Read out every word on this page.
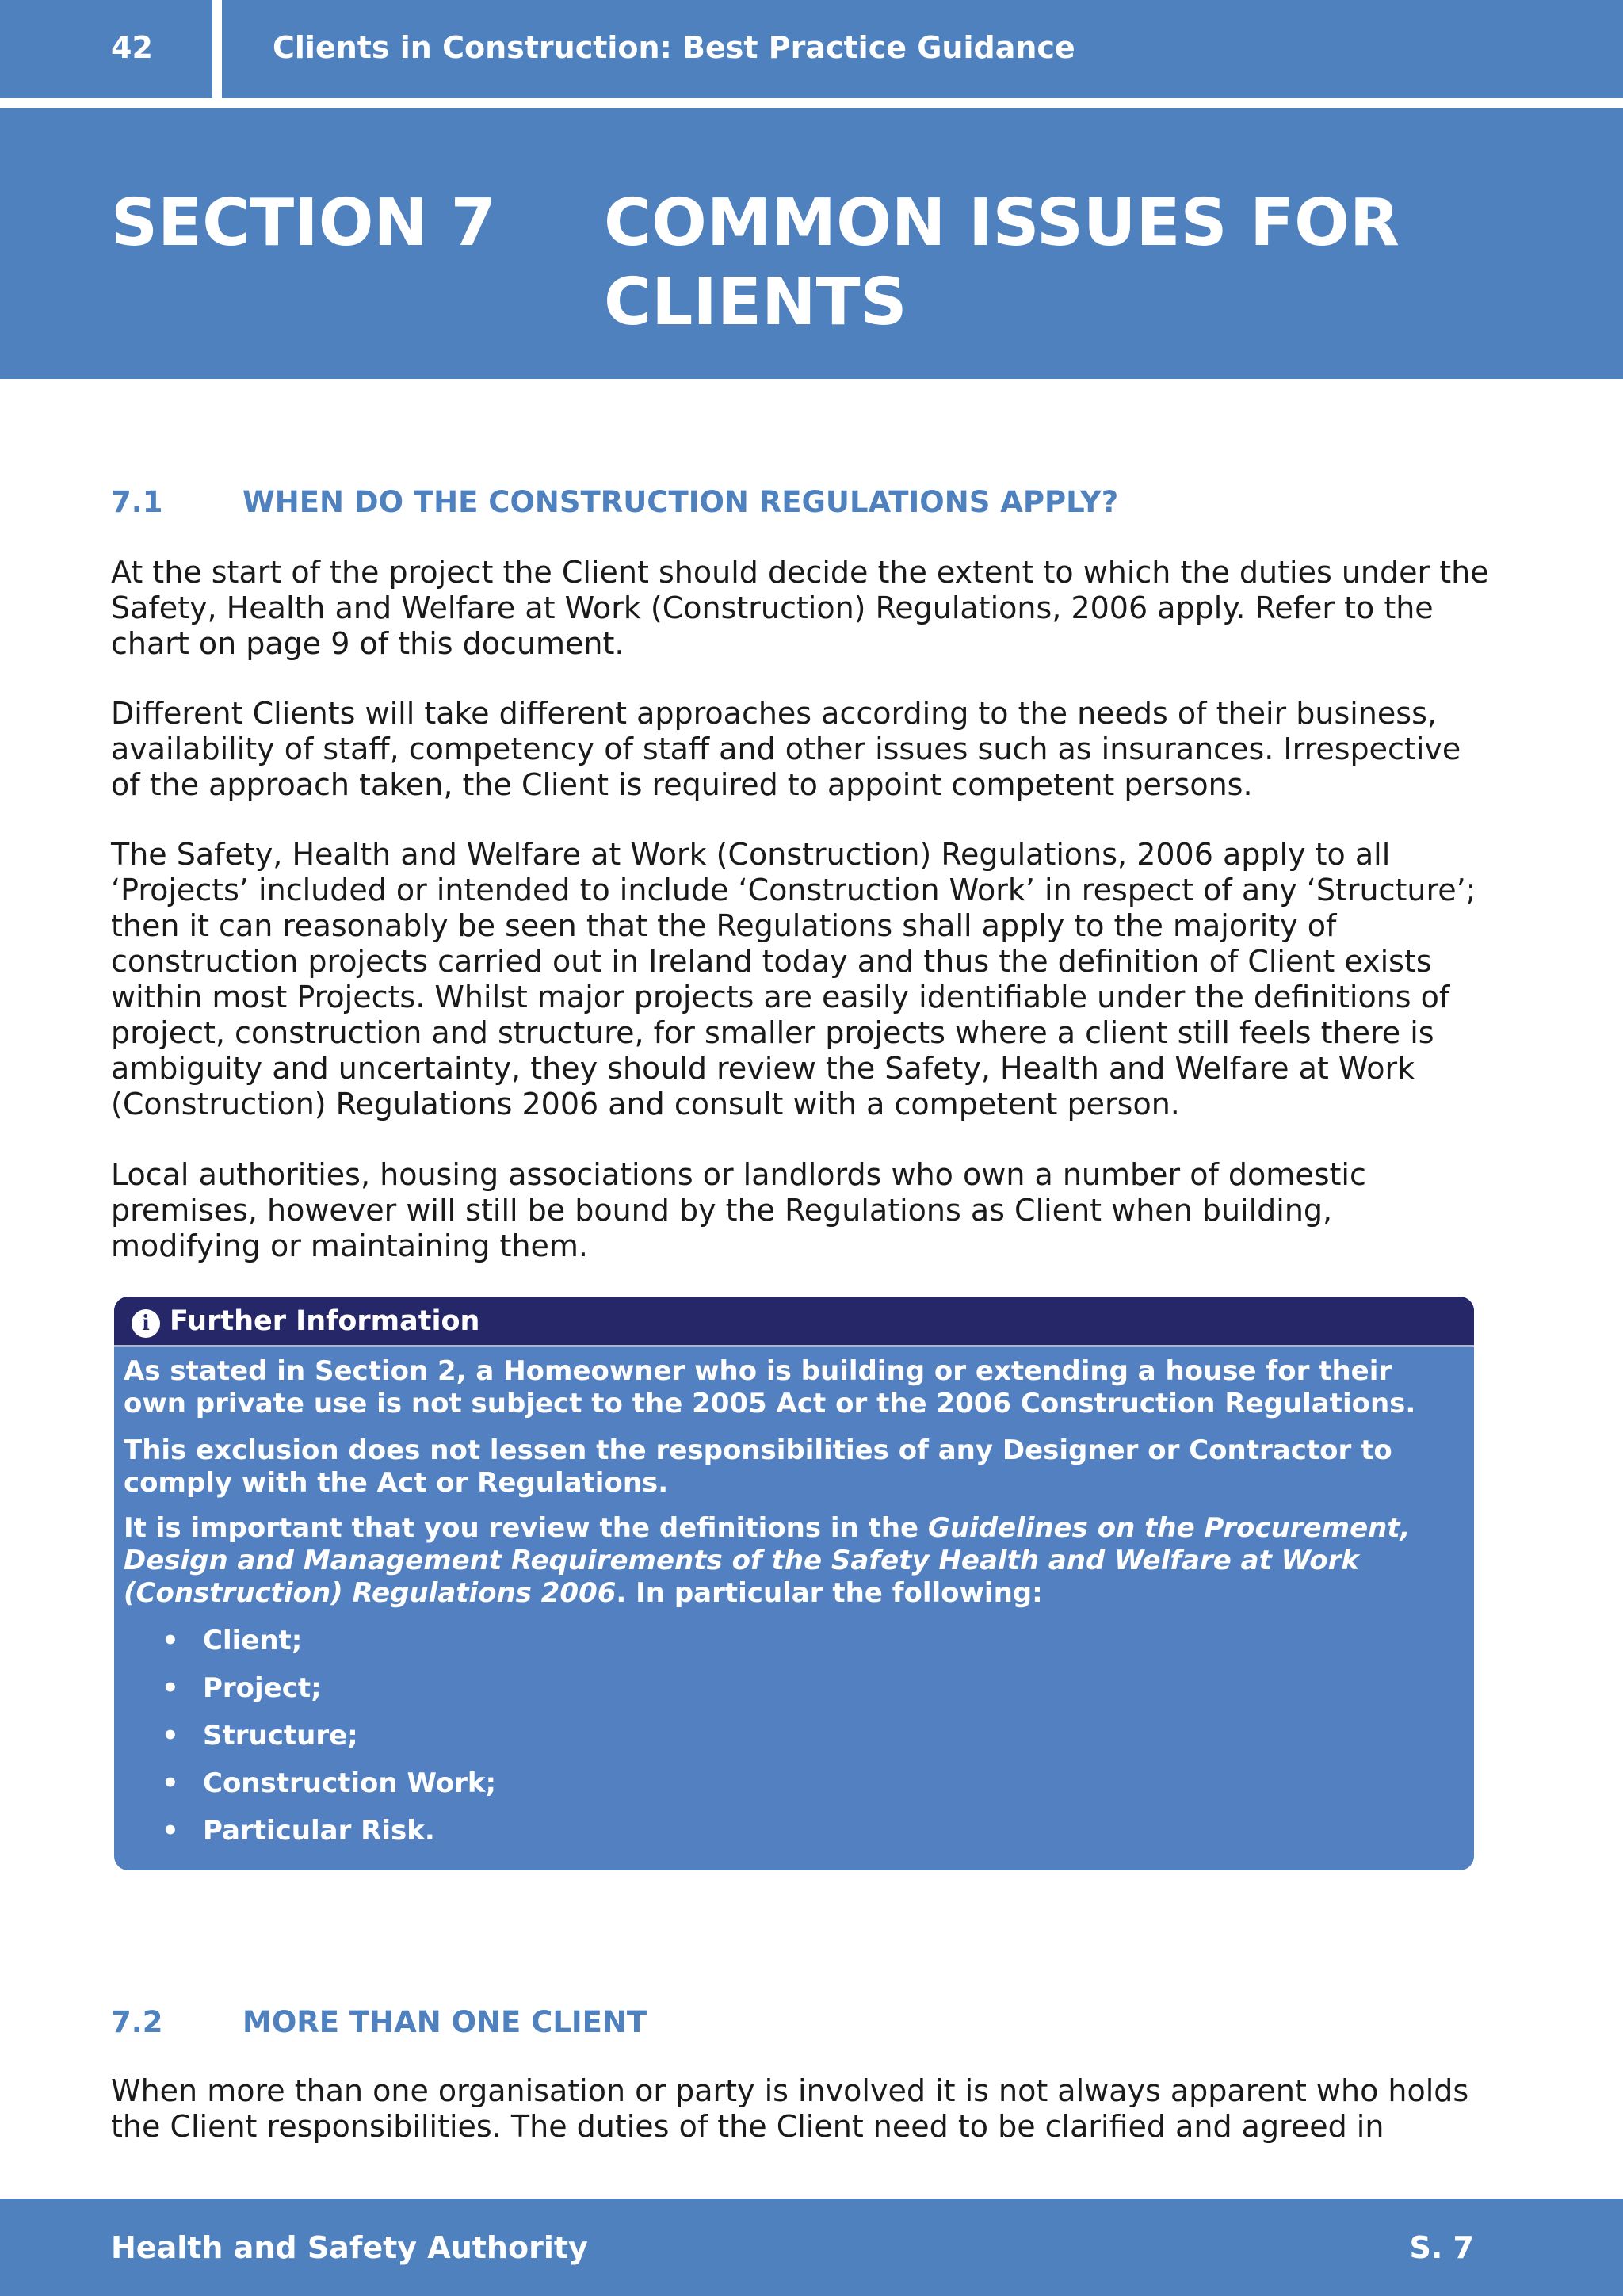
42	Clients in Construction: Best Practice Guidance
SECTION 7 COMMON ISSUES FOR CLIENTS
7.1	WHEN DO THE CONSTRUCTION REGULATIONS APPLY?

At the start of the project the Client should decide the extent to which the duties under the Safety, Health and Welfare at Work (Construction) Regulations, 2006 apply. Refer to the chart on page 9 of this document.

Different Clients will take different approaches according to the needs of their business, availability of staff, competency of staff and other issues such as insurances. Irrespective of the approach taken, the Client is required to appoint competent persons.

The Safety, Health and Welfare at Work (Construction) Regulations, 2006 apply to all ‘Projects’ included or intended to include ‘Construction Work’ in respect of any ‘Structure’; then it can reasonably be seen that the Regulations shall apply to the majority of construction projects carried out in Ireland today and thus the definition of Client exists within most Projects. Whilst major projects are easily identifiable under the definitions of project, construction and structure, for smaller projects where a client still feels there is ambiguity and uncertainty, they should review the Safety, Health and Welfare at Work (Construction) Regulations 2006 and consult with a competent person.

Local authorities, housing associations or landlords who own a number of domestic premises, however will still be bound by the Regulations as Client when building, modifying or maintaining them.

i Further Information

As stated in Section 2, a Homeowner who is building or extending a house for their own private use is not subject to the 2005 Act or the 2006 Construction Regulations.

This exclusion does not lessen the responsibilities of any Designer or Contractor to comply with the Act or Regulations.

It is important that you review the definitions in the Guidelines on the Procurement, Design and Management Requirements of the Safety Health and Welfare at Work (Construction) Regulations 2006. In particular the following:

• Client;
• Project;
• Structure;
• Construction Work;
• Particular Risk.
7.2	MORE THAN ONE CLIENT

When more than one organisation or party is involved it is not always apparent who holds the Client responsibilities. The duties of the Client need to be clarified and agreed in

Health and Safety Authority	S. 7
